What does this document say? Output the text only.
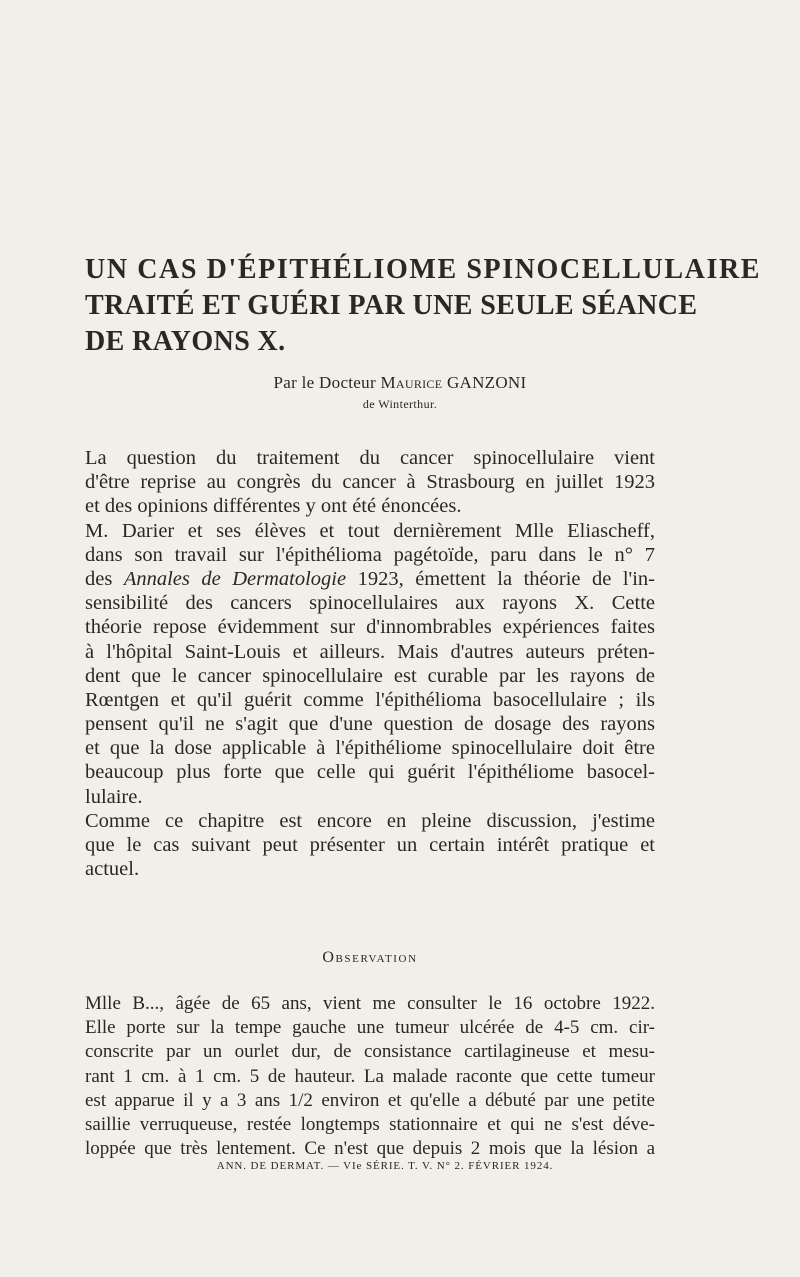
UN CAS D'ÉPITHÉLIOME SPINOCELLULAIRE
TRAITÉ ET GUÉRI PAR UNE SEULE SÉANCE
DE RAYONS X.
Par le Docteur Maurice GANZONI
de Winterthur.
La question du traitement du cancer spinocellulaire vient
d'être reprise au congrès du cancer à Strasbourg en juillet 1923
et des opinions différentes y ont été énoncées.
M. Darier et ses élèves et tout dernièrement Mlle Eliascheff,
dans son travail sur l'épithélioma pagétoïde, paru dans le n° 7
des Annales de Dermatologie 1923, émettent la théorie de l'in-
sensibilité des cancers spinocellulaires aux rayons X. Cette
théorie repose évidemment sur d'innombrables expériences faites
à l'hôpital Saint-Louis et ailleurs. Mais d'autres auteurs préten-
dent que le cancer spinocellulaire est curable par les rayons de
Rœntgen et qu'il guérit comme l'épithélioma basocellulaire ; ils
pensent qu'il ne s'agit que d'une question de dosage des rayons
et que la dose applicable à l'épithéliome spinocellulaire doit être
beaucoup plus forte que celle qui guérit l'épithéliome basocel-
lulaire.
Comme ce chapitre est encore en pleine discussion, j'estime
que le cas suivant peut présenter un certain intérêt pratique et
actuel.
Observation
Mlle B..., âgée de 65 ans, vient me consulter le 16 octobre 1922.
Elle porte sur la tempe gauche une tumeur ulcérée de 4-5 cm. cir-
conscrite par un ourlet dur, de consistance cartilagineuse et mesu-
rant 1 cm. à 1 cm. 5 de hauteur. La malade raconte que cette tumeur
est apparue il y a 3 ans 1/2 environ et qu'elle a débuté par une petite
saillie verruqueuse, restée longtemps stationnaire et qui ne s'est déve-
loppée que très lentement. Ce n'est que depuis 2 mois que la lésion a
ANN. DE DERMAT. — VIe SÉRIE. T. V. N° 2. FÉVRIER 1924.
